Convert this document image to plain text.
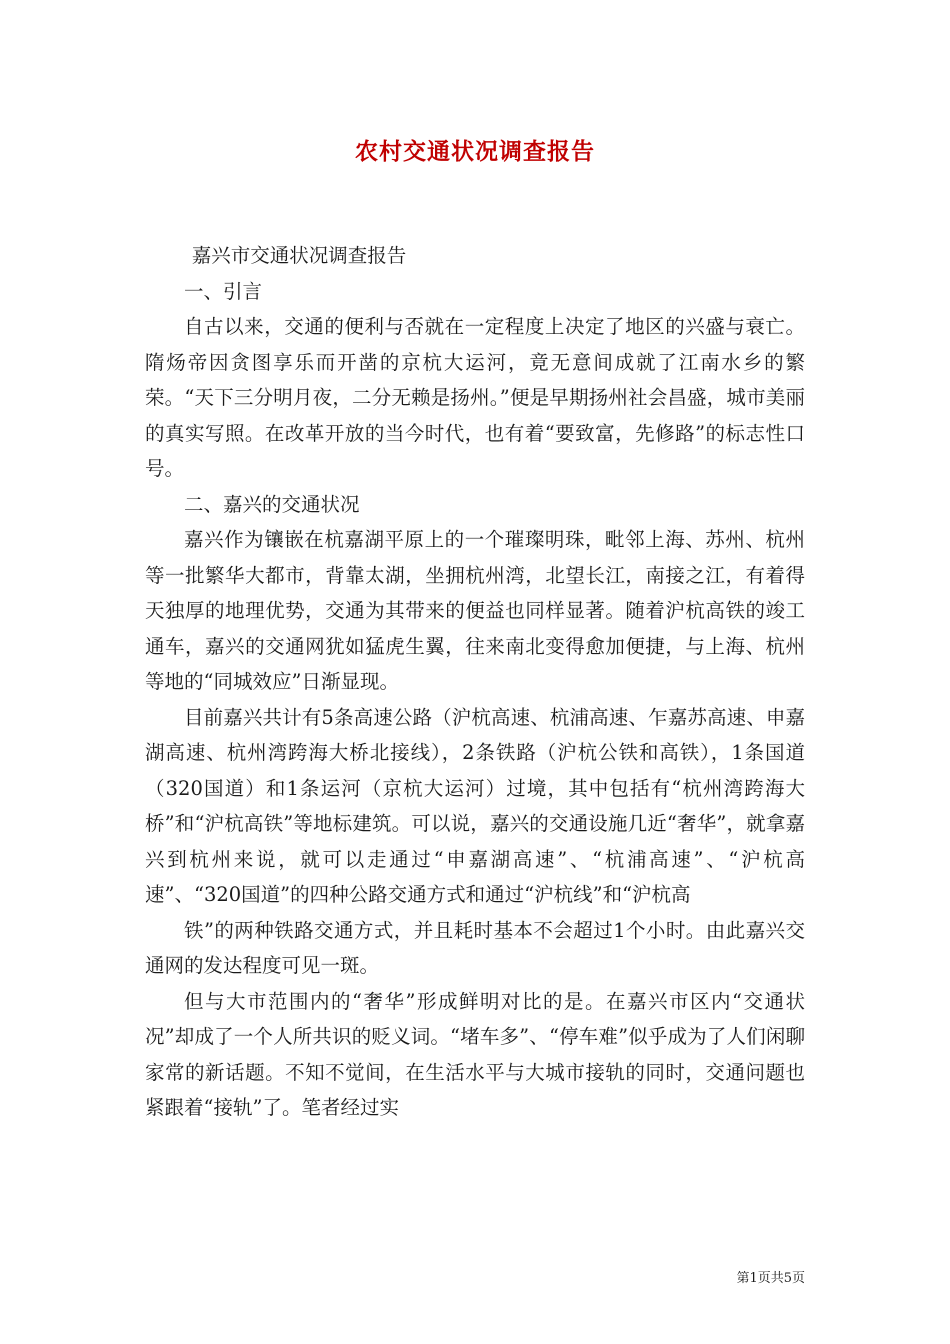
农村交通状况调查报告

嘉兴市交通状况调查报告

一、引言

自古以来，交通的便利与否就在一定程度上决定了地区的兴盛与衰亡。隋炀帝因贪图享乐而开凿的京杭大运河，竟无意间成就了江南水乡的繁荣。“天下三分明月夜，二分无赖是扬州。”便是早期扬州社会昌盛，城市美丽的真实写照。在改革开放的当今时代，也有着“要致富，先修路”的标志性口号。

二、嘉兴的交通状况

嘉兴作为镶嵌在杭嘉湖平原上的一个璀璨明珠，毗邻上海、苏州、杭州等一批繁华大都市，背靠太湖，坐拥杭州湾，北望长江，南接之江，有着得天独厚的地理优势，交通为其带来的便益也同样显著。随着沪杭高铁的竣工通车，嘉兴的交通网犹如猛虎生翼，往来南北变得愈加便捷，与上海、杭州等地的“同城效应”日渐显现。

目前嘉兴共计有5条高速公路（沪杭高速、杭浦高速、乍嘉苏高速、申嘉湖高速、杭州湾跨海大桥北接线），2条铁路（沪杭公铁和高铁），1条国道（320国道）和1条运河（京杭大运河）过境，其中包括有“杭州湾跨海大桥”和“沪杭高铁”等地标建筑。可以说，嘉兴的交通设施几近“奢华”，就拿嘉兴到杭州来说，就可以走通过“申嘉湖高速”、“杭浦高速”、“沪杭高速”、“320国道”的四种公路交通方式和通过“沪杭线”和“沪杭高

铁”的两种铁路交通方式，并且耗时基本不会超过1个小时。由此嘉兴交通网的发达程度可见一斑。

但与大市范围内的“奢华”形成鲜明对比的是。在嘉兴市区内“交通状况”却成了一个人所共识的贬义词。“堵车多”、“停车难”似乎成为了人们闲聊家常的新话题。不知不觉间，在生活水平与大城市接轨的同时，交通问题也紧跟着“接轨”了。笔者经过实

第1页共5页
